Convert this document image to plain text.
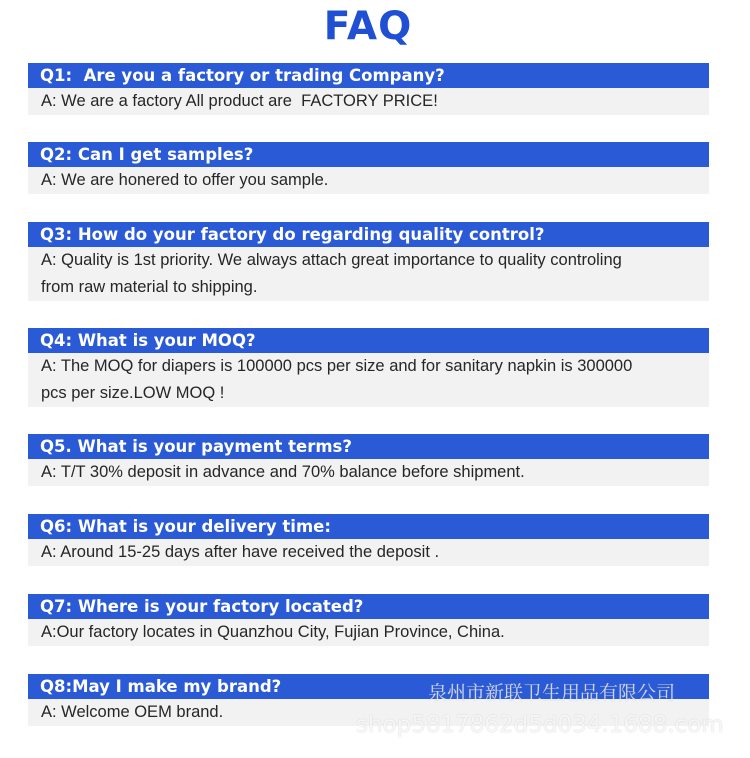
FAQ
Q1:  Are you a factory or trading Company?
A: We are a factory All product are  FACTORY PRICE!
Q2: Can I get samples?
A: We are honered to offer you sample.
Q3: How do your factory do regarding quality control?
A: Quality is 1st priority. We always attach great importance to quality controling
from raw material to shipping.
Q4: What is your MOQ?
A: The MOQ for diapers is 100000 pcs per size and for sanitary napkin is 300000
pcs per size.LOW MOQ !
Q5. What is your payment terms?
A: T/T 30% deposit in advance and 70% balance before shipment.
Q6: What is your delivery time:
A: Around 15-25 days after have received the deposit .
Q7: Where is your factory located?
A:Our factory locates in Quanzhou City, Fujian Province, China.
Q8:May I make my brand?
A: Welcome OEM brand.
泉州市新联卫生用品有限公司
shop5817862d5d034.1688.com
